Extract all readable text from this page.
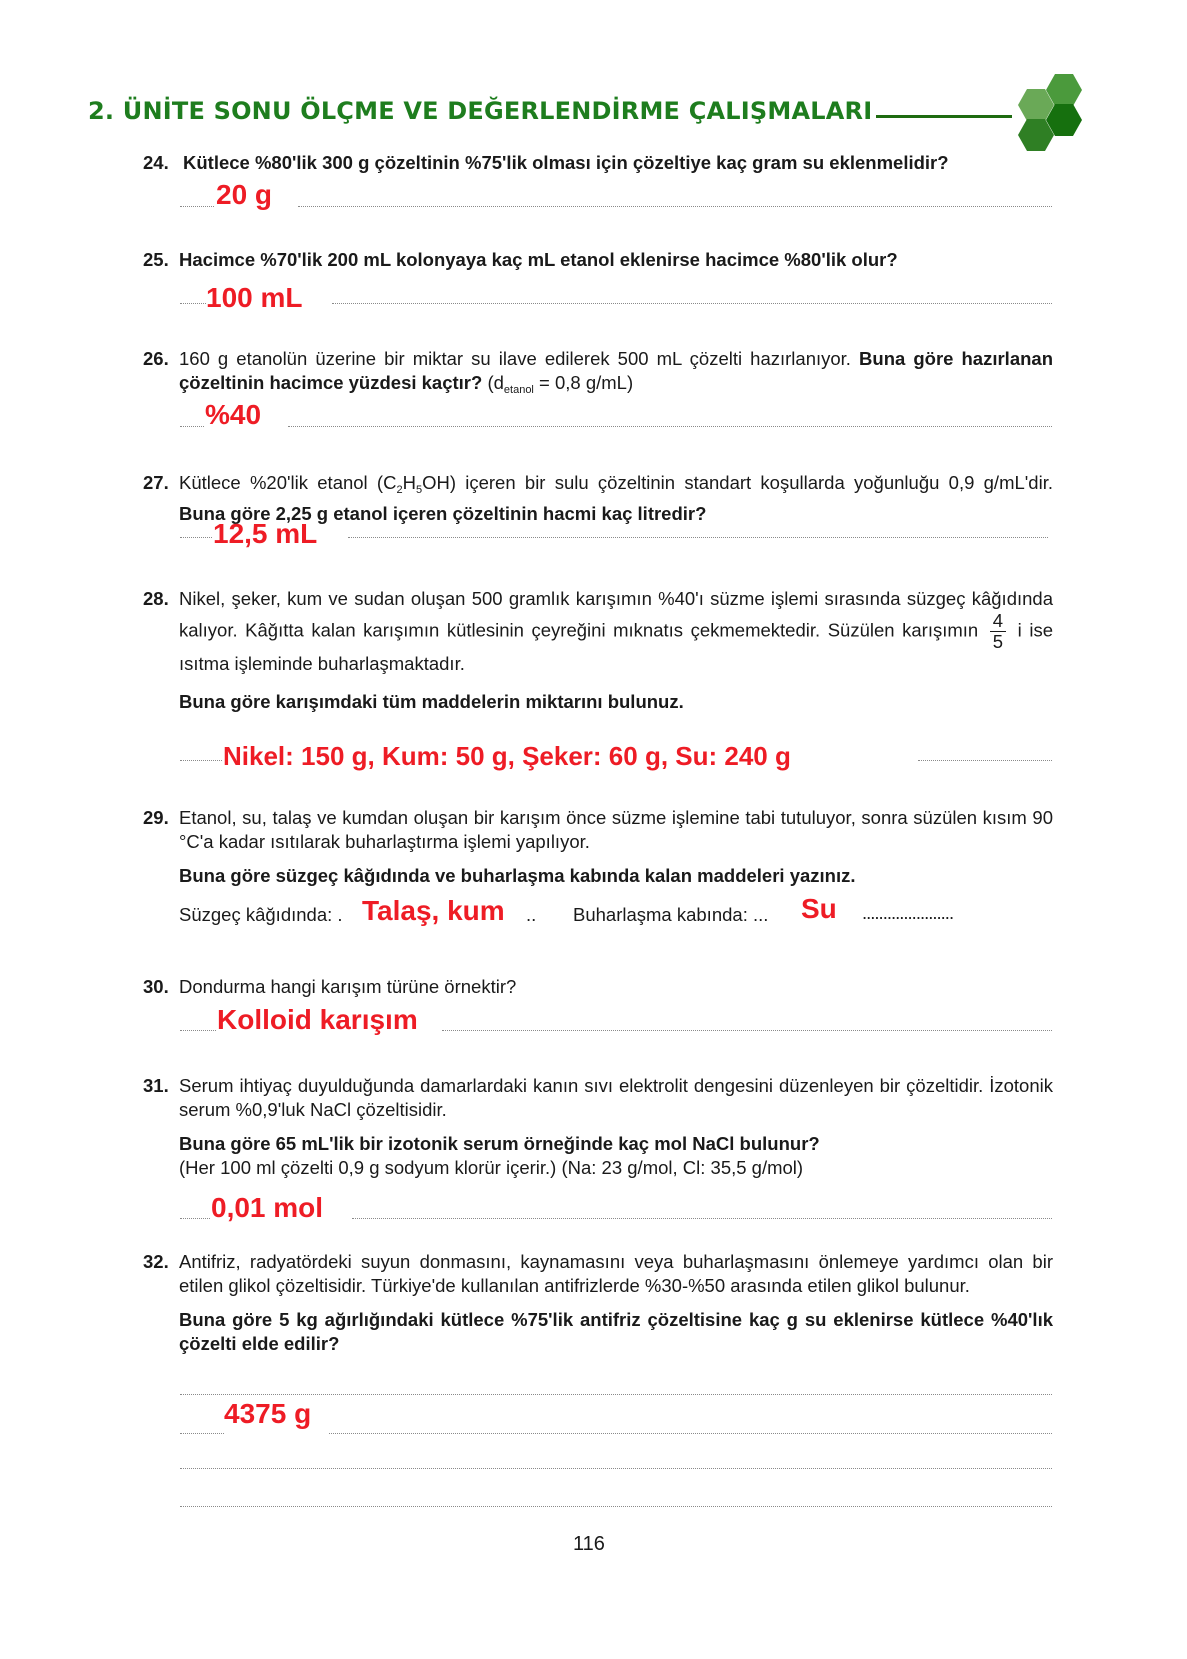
2. ÜNİTE SONU ÖLÇME VE DEĞERLENDİRME ÇALIŞMALARI
24. Kütlece %80'lik 300 g çözeltinin %75'lik olması için çözeltiye kaç gram su eklenmelidir?
20 g
25. Hacimce %70'lik 200 mL kolonyaya kaç mL etanol eklenirse hacimce %80'lik olur?
100 mL
26. 160 g etanolün üzerine bir miktar su ilave edilerek 500 mL çözelti hazırlanıyor. Buna göre hazırlanan çözeltinin hacimce yüzdesi kaçtır? ($d_{etanol} = 0,8$ g/mL)
%40
27. Kütlece %20'lik etanol $(C_2H_5OH)$ içeren bir sulu çözeltinin standart koşullarda yoğunluğu 0,9 g/mL'dir. Buna göre 2,25 g etanol içeren çözeltinin hacmi kaç litredir?
12,5 mL
28. Nikel, şeker, kum ve sudan oluşan 500 gramlık karışımın %40'ı süzme işlemi sırasında süzgeç kâğıdında kalıyor. Kâğıtta kalan karışımın kütlesinin çeyreğini mıknatıs çekmemektedir. Süzülen karışımın $\frac{4}{5}$ i ise ısıtma işleminde buharlaşmaktadır.
Buna göre karışımdaki tüm maddelerin miktarını bulunuz.
Nikel: 150 g, Kum: 50 g, Şeker: 60 g, Su: 240 g
29. Etanol, su, talaş ve kumdan oluşan bir karışım önce süzme işlemine tabi tutuluyor, sonra süzülen kısım 90 °C'a kadar ısıtılarak buharlaştırma işlemi yapılıyor.
Buna göre süzgeç kâğıdında ve buharlaşma kabında kalan maddeleri yazınız.
Süzgeç kâğıdında: . Talaş, kum .. Buharlaşma kabında: ... Su ......................
30. Dondurma hangi karışım türüne örnektir?
Kolloid karışım
31. Serum ihtiyaç duyulduğunda damarlardaki kanın sıvı elektrolit dengesini düzenleyen bir çözeltidir. İzotonik serum %0,9'luk NaCl çözeltisidir.
Buna göre 65 mL'lik bir izotonik serum örneğinde kaç mol NaCl bulunur?
(Her 100 ml çözelti 0,9 g sodyum klorür içerir.) (Na: 23 g/mol, Cl: 35,5 g/mol)
0,01 mol
32. Antifriz, radyatördeki suyun donmasını, kaynamasını veya buharlaşmasını önlemeye yardımcı olan bir etilen glikol çözeltisidir. Türkiye'de kullanılan antifrizlerde %30-%50 arasında etilen glikol bulunur.
Buna göre 5 kg ağırlığındaki kütlece %75'lik antifriz çözeltisine kaç g su eklenirse kütlece %40'lık çözelti elde edilir?
4375 g
116
